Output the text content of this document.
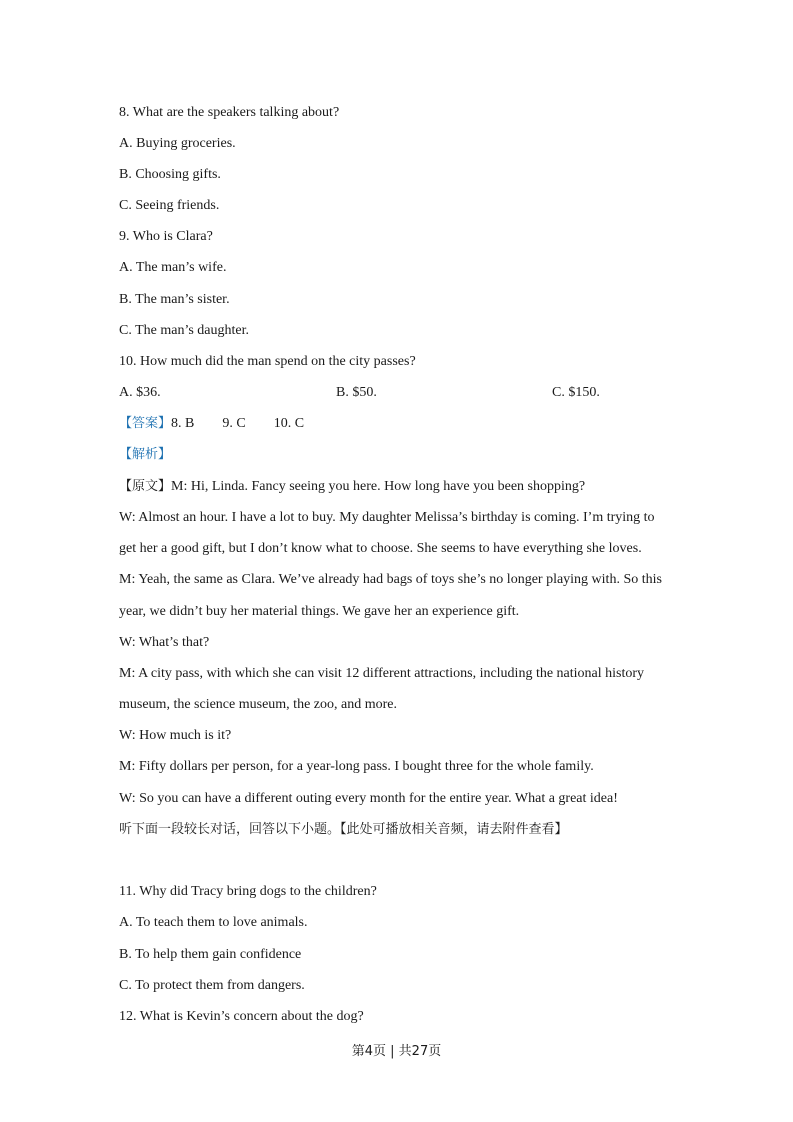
8. What are the speakers talking about?
A. Buying groceries.
B. Choosing gifts.
C. Seeing friends.
9. Who is Clara?
A. The man’s wife.
B. The man’s sister.
C. The man’s daughter.
10. How much did the man spend on the city passes?
A. $36.	B. $50.	C. $150.
【答案】8. B 9. C 10. C
【解析】
【原文】M: Hi, Linda. Fancy seeing you here. How long have you been shopping?
W: Almost an hour. I have a lot to buy. My daughter Melissa’s birthday is coming. I’m trying to
get her a good gift, but I don’t know what to choose. She seems to have everything she loves.
M: Yeah, the same as Clara. We’ve already had bags of toys she’s no longer playing with. So this
year, we didn’t buy her material things. We gave her an experience gift.
W: What’s that?
M: A city pass, with which she can visit 12 different attractions, including the national history
museum, the science museum, the zoo, and more.
W: How much is it?
M: Fifty dollars per person, for a year-long pass. I bought three for the whole family.
W: So you can have a different outing every month for the entire year. What a great idea!
听下面一段较长对话，回答以下小题。【此处可播放相关音频，请去附件查看】
11. Why did Tracy bring dogs to the children?
A. To teach them to love animals.
B. To help them gain confidence
C. To protect them from dangers.
12. What is Kevin’s concern about the dog?
第4页 | 共27页
